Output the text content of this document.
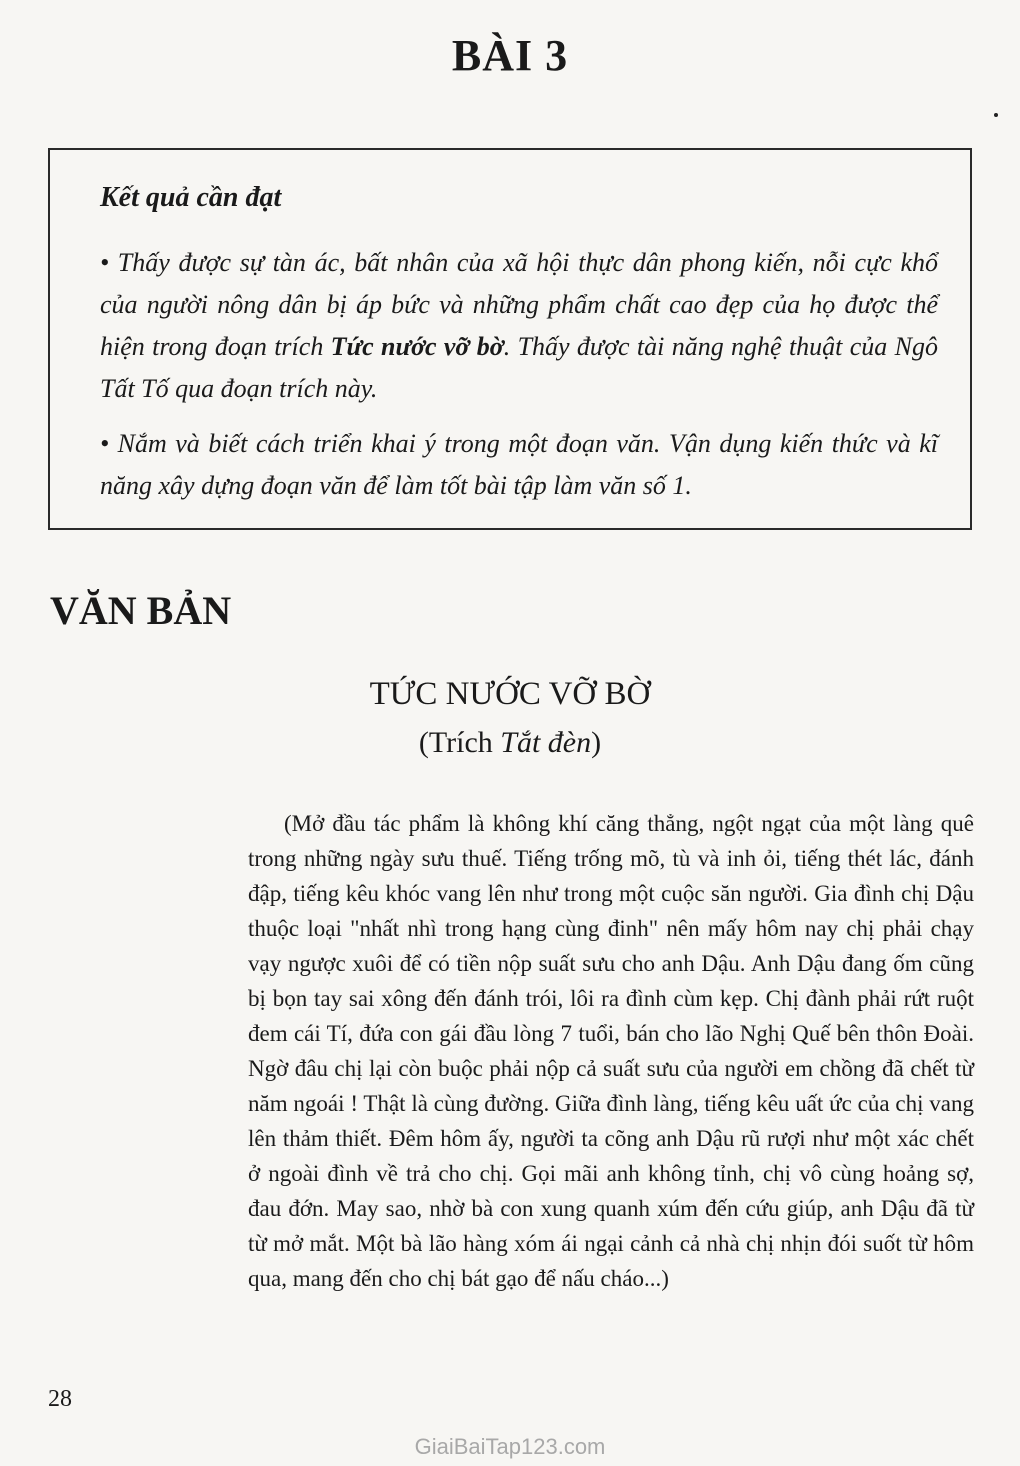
BÀI 3
Kết quả cần đạt
• Thấy được sự tàn ác, bất nhân của xã hội thực dân phong kiến, nỗi cực khổ của người nông dân bị áp bức và những phẩm chất cao đẹp của họ được thể hiện trong đoạn trích Tức nước vỡ bờ. Thấy được tài năng nghệ thuật của Ngô Tất Tố qua đoạn trích này.
• Nắm và biết cách triển khai ý trong một đoạn văn. Vận dụng kiến thức và kĩ năng xây dựng đoạn văn để làm tốt bài tập làm văn số 1.
VĂN BẢN
TỨC NƯỚC VỠ BỜ
(Trích Tắt đèn)

(Mở đầu tác phẩm là không khí căng thẳng, ngột ngạt của một làng quê trong những ngày sưu thuế. Tiếng trống mõ, tù và inh ỏi, tiếng thét lác, đánh đập, tiếng kêu khóc vang lên như trong một cuộc săn người. Gia đình chị Dậu thuộc loại "nhất nhì trong hạng cùng đinh" nên mấy hôm nay chị phải chạy vạy ngược xuôi để có tiền nộp suất sưu cho anh Dậu. Anh Dậu đang ốm cũng bị bọn tay sai xông đến đánh trói, lôi ra đình cùm kẹp. Chị đành phải rứt ruột đem cái Tí, đứa con gái đầu lòng 7 tuổi, bán cho lão Nghị Quế bên thôn Đoài. Ngờ đâu chị lại còn buộc phải nộp cả suất sưu của người em chồng đã chết từ năm ngoái ! Thật là cùng đường. Giữa đình làng, tiếng kêu uất ức của chị vang lên thảm thiết. Đêm hôm ấy, người ta cõng anh Dậu rũ rượi như một xác chết ở ngoài đình về trả cho chị. Gọi mãi anh không tỉnh, chị vô cùng hoảng sợ, đau đớn. May sao, nhờ bà con xung quanh xúm đến cứu giúp, anh Dậu đã từ từ mở mắt. Một bà lão hàng xóm ái ngại cảnh cả nhà chị nhịn đói suốt từ hôm qua, mang đến cho chị bát gạo để nấu cháo...)

28
GiaiBaiTap123.com
